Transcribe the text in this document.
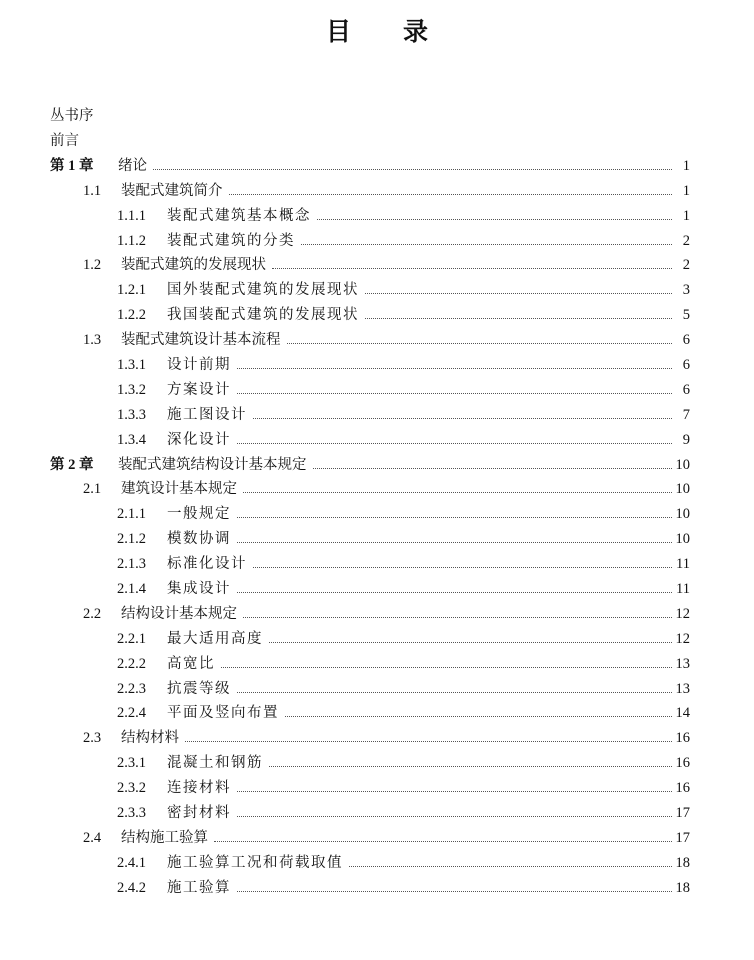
目 录
丛书序
前言
第 1 章	绪论	1
1.1	装配式建筑简介	1
1.1.1	装配式建筑基本概念	1
1.1.2	装配式建筑的分类	2
1.2	装配式建筑的发展现状	2
1.2.1	国外装配式建筑的发展现状	3
1.2.2	我国装配式建筑的发展现状	5
1.3	装配式建筑设计基本流程	6
1.3.1	设计前期	6
1.3.2	方案设计	6
1.3.3	施工图设计	7
1.3.4	深化设计	9
第 2 章	装配式建筑结构设计基本规定	10
2.1	建筑设计基本规定	10
2.1.1	一般规定	10
2.1.2	模数协调	10
2.1.3	标准化设计	11
2.1.4	集成设计	11
2.2	结构设计基本规定	12
2.2.1	最大适用高度	12
2.2.2	高宽比	13
2.2.3	抗震等级	13
2.2.4	平面及竖向布置	14
2.3	结构材料	16
2.3.1	混凝土和钢筋	16
2.3.2	连接材料	16
2.3.3	密封材料	17
2.4	结构施工验算	17
2.4.1	施工验算工况和荷载取值	18
2.4.2	施工验算	18
